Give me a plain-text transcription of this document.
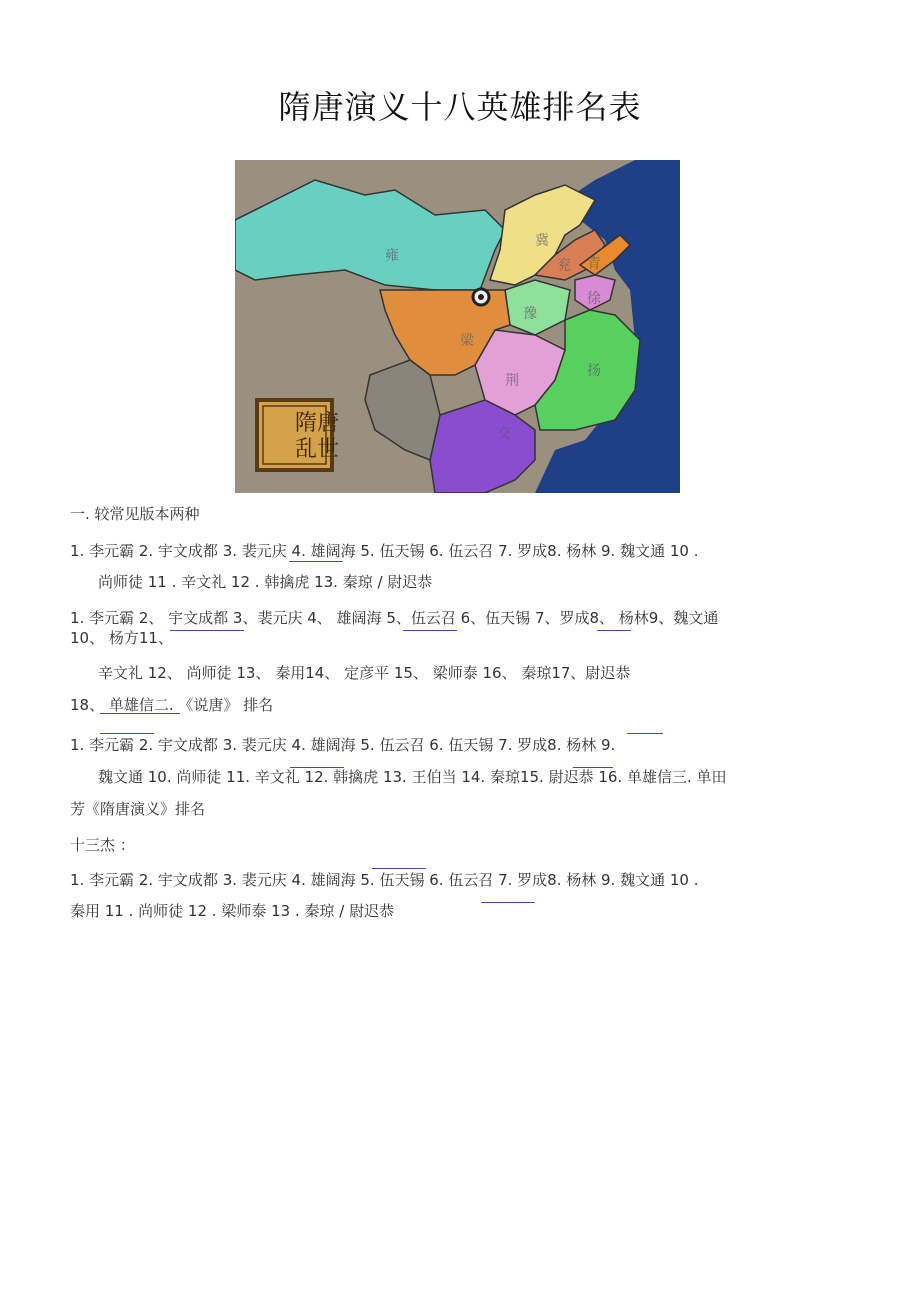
隋唐演义十八英雄排名表
雍
冀
兖 青
徐
豫
梁
荆
扬
交
隋唐
乱世
一. 较常见版本两种
1. 李元霸 2. 宇文成都 3. 裴元庆 4. 雄阔海 5. 伍天锡 6. 伍云召 7. 罗成8. 杨林 9. 魏文通 10 .
尚师徒 11 . 辛文礼 12 . 韩擒虎 13. 秦琼 / 尉迟恭
1. 李元霸 2、 宇文成都 3、裴元庆 4、 雄阔海 5、伍云召 6、伍天锡 7、罗成8、 杨林9、魏文通
10、 杨方11、
辛文礼 12、 尚师徒 13、 秦用14、 定彦平 15、 梁师泰 16、 秦琼17、尉迟恭
18、 单雄信二. 《说唐》 排名
1. 李元霸 2. 宇文成都 3. 裴元庆 4. 雄阔海 5. 伍云召 6. 伍天锡 7. 罗成8. 杨林 9.
魏文通 10. 尚师徒 11. 辛文礼 12. 韩擒虎 13. 王伯当 14. 秦琼15. 尉迟恭 16. 单雄信三. 单田
芳《隋唐演义》排名
十三杰 ：
1. 李元霸 2. 宇文成都 3. 裴元庆 4. 雄阔海 5. 伍天锡 6. 伍云召 7. 罗成8. 杨林 9. 魏文通 10 .
秦用 11 . 尚师徒 12 . 梁师泰 13 . 秦琼 / 尉迟恭
